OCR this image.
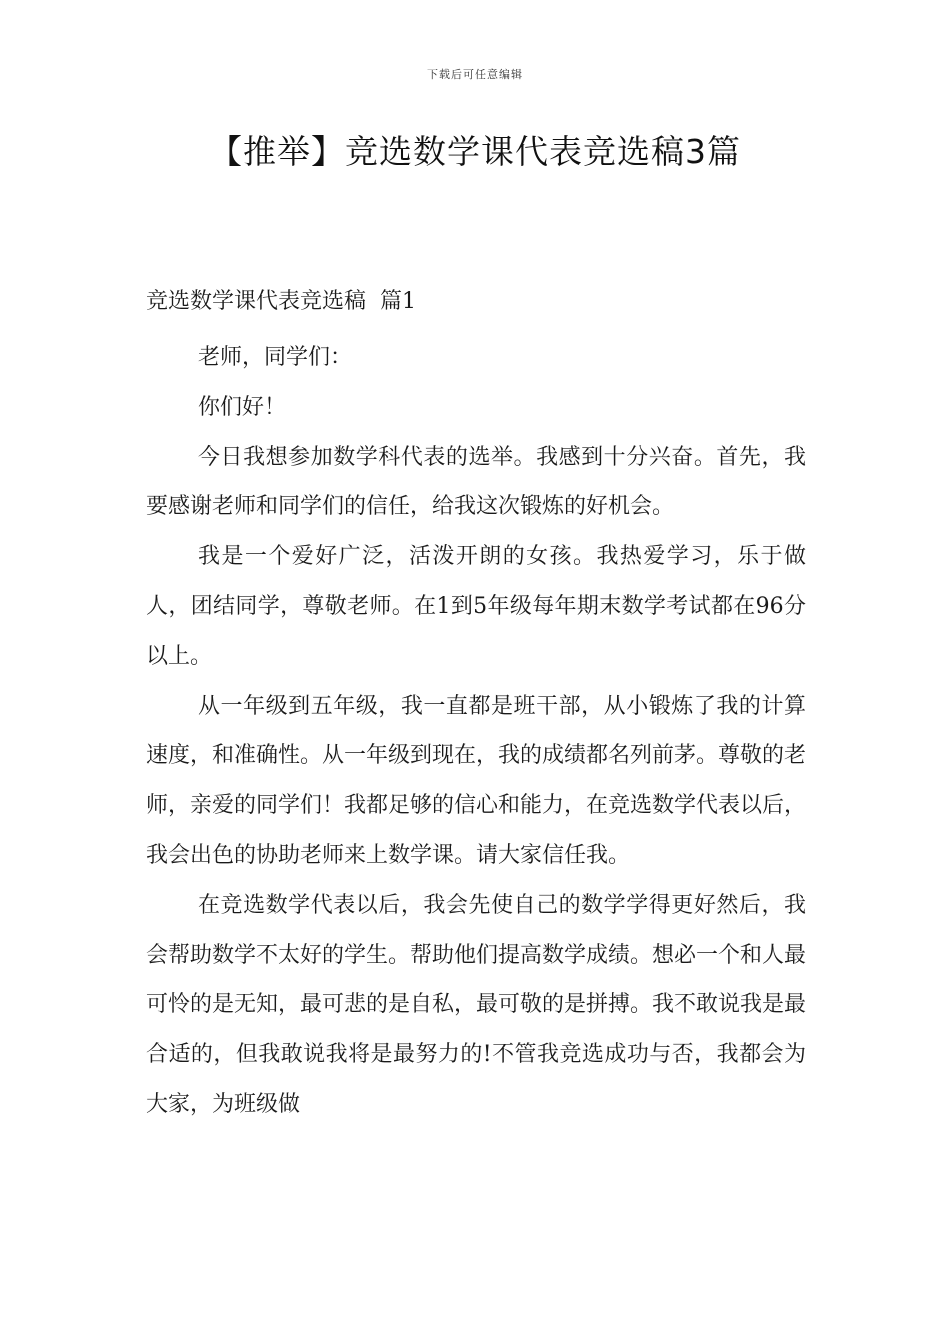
下载后可任意编辑
【推举】竞选数学课代表竞选稿3篇
竞选数学课代表竞选稿 篇1

老师，同学们：

你们好！

今日我想参加数学科代表的选举。我感到十分兴奋。首先，我要感谢老师和同学们的信任，给我这次锻炼的好机会。

我是一个爱好广泛，活泼开朗的女孩。我热爱学习，乐于做人，团结同学，尊敬老师。在1到5年级每年期末数学考试都在96分以上。

从一年级到五年级，我一直都是班干部，从小锻炼了我的计算速度，和准确性。从一年级到现在，我的成绩都名列前茅。尊敬的老师，亲爱的同学们！我都足够的信心和能力，在竞选数学代表以后，我会出色的协助老师来上数学课。请大家信任我。

在竞选数学代表以后，我会先使自己的数学学得更好然后，我会帮助数学不太好的学生。帮助他们提高数学成绩。想必一个和人最可怜的是无知，最可悲的是自私，最可敬的是拼搏。我不敢说我是最合适的，但我敢说我将是最努力的!不管我竞选成功与否，我都会为大家，为班级做
